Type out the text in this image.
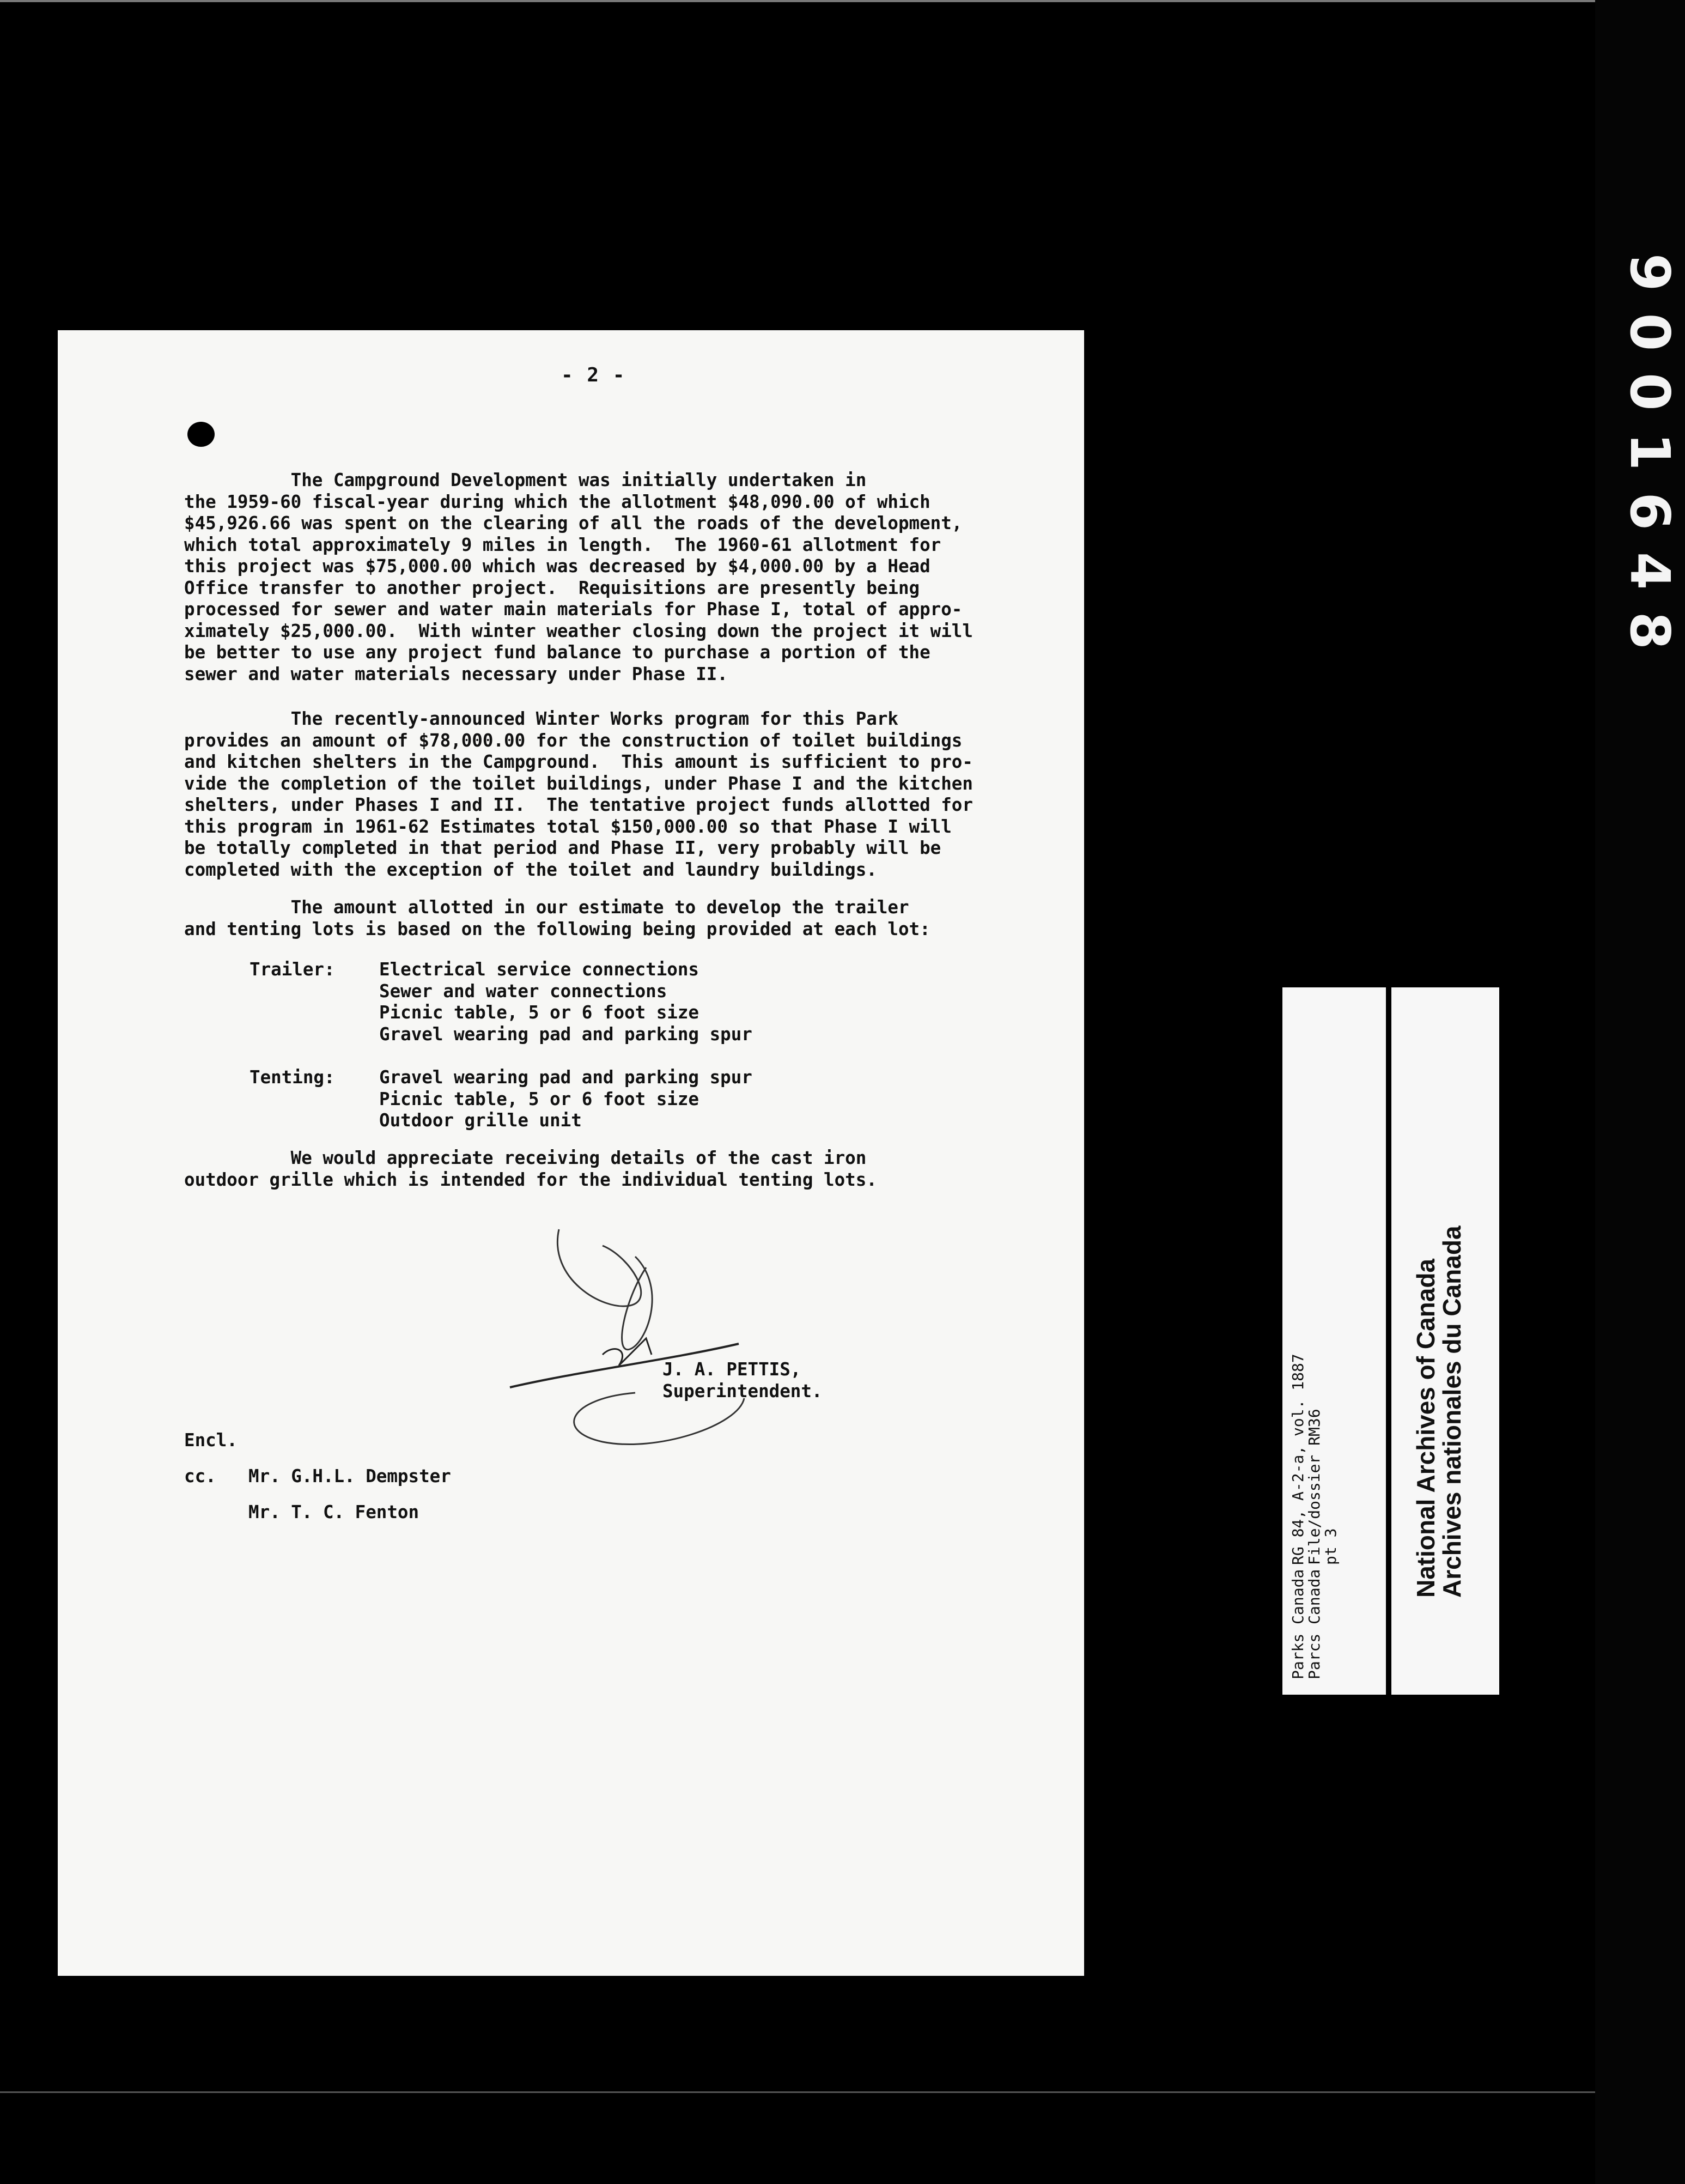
- 2 -
The Campground Development was initially undertaken in
the 1959-60 fiscal-year during which the allotment $48,090.00 of which
$45,926.66 was spent on the clearing of all the roads of the development,
which total approximately 9 miles in length.  The 1960-61 allotment for
this project was $75,000.00 which was decreased by $4,000.00 by a Head
Office transfer to another project.  Requisitions are presently being
processed for sewer and water main materials for Phase I, total of appro-
ximately $25,000.00.  With winter weather closing down the project it will
be better to use any project fund balance to purchase a portion of the
sewer and water materials necessary under Phase II.
The recently-announced Winter Works program for this Park
provides an amount of $78,000.00 for the construction of toilet buildings
and kitchen shelters in the Campground.  This amount is sufficient to pro-
vide the completion of the toilet buildings, under Phase I and the kitchen
shelters, under Phases I and II.  The tentative project funds allotted for
this program in 1961-62 Estimates total $150,000.00 so that Phase I will
be totally completed in that period and Phase II, very probably will be
completed with the exception of the toilet and laundry buildings.
The amount allotted in our estimate to develop the trailer
and tenting lots is based on the following being provided at each lot:
Trailer:	Electrical service connections
Sewer and water connections
Picnic table, 5 or 6 foot size
Gravel wearing pad and parking spur
Tenting:	Gravel wearing pad and parking spur
Picnic table, 5 or 6 foot size
Outdoor grille unit
We would appreciate receiving details of the cast iron
outdoor grille which is intended for the individual tenting lots.
J. A. PETTIS,
Superintendent.
Encl.
cc. Mr. G.H.L. Dempster
Mr. T. C. Fenton
9001648
RG 84, A-2-a, vol. 1887
File/dossier RM36
pt 3
Parks Canada
Parcs Canada
National Archives of Canada
Archives nationales du Canada
